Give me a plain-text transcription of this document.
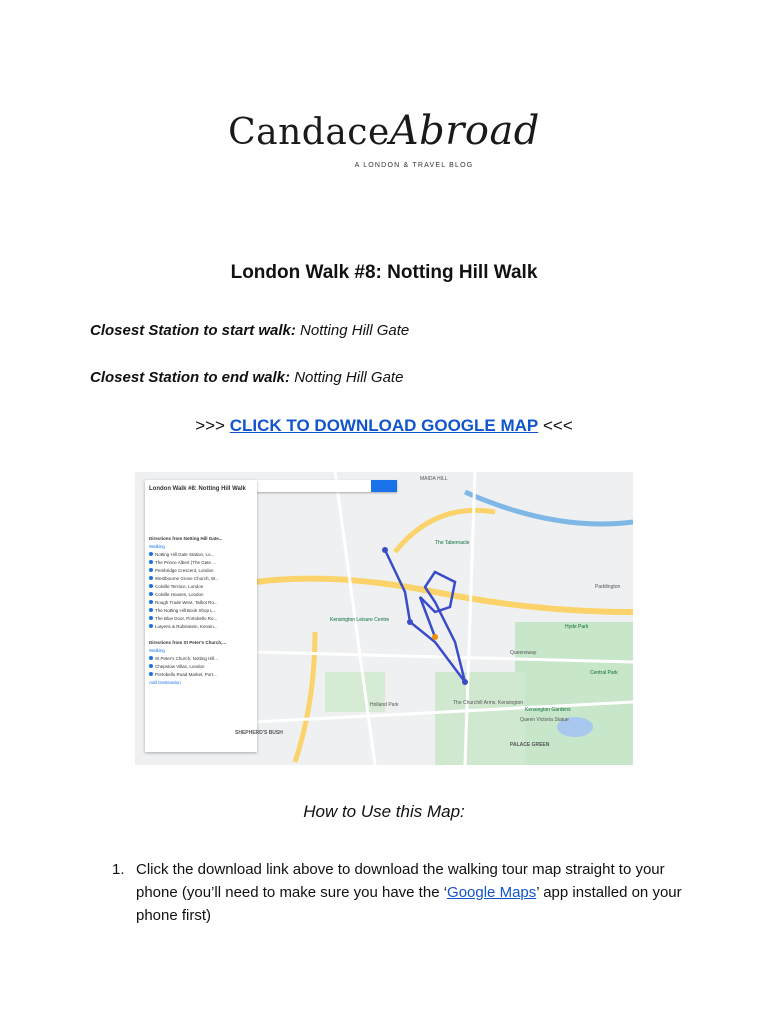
CandaceAbroad
A LONDON & TRAVEL BLOG
London Walk #8: Notting Hill Walk
Closest Station to start walk: Notting Hill Gate
Closest Station to end walk: Notting Hill Gate
>>> CLICK TO DOWNLOAD GOOGLE MAP <<<
London Walk #8: Notting Hill Walk
Directions from Notting Hill Gate...
Walking
Notting Hill Gate Station, Lo...
The Prince Albert (The Gate ...
Pembridge Crescent, London
Westbourne Grove Church, W...
Colville Terrace, London
Colville Houses, London
Rough Trade West, Talbot Ro...
The Notting Hill Book Shop L...
The Blue Door, Portobello Ro...
Lutyens & Rubinstein, Kensin...
Directions from St Peter's Church,...
Walking
St Peter's Church, Notting Hill...
Chepstow Villas, London
Portobello Road Market, Port...
Add Destination
MAIDA HILL
The Tabernacle
Kensington Leisure Centre
Hyde Park
Kensington Gardens
Queensway
Paddington
SHEPHERD'S BUSH
Holland Park
PALACE GREEN
Central Park
The Churchill Arms, Kensington
Queen Victoria Statue
How to Use this Map:
1. Click the download link above to download the walking tour map straight to your phone (you’ll need to make sure you have the ‘Google Maps’ app installed on your phone first)
